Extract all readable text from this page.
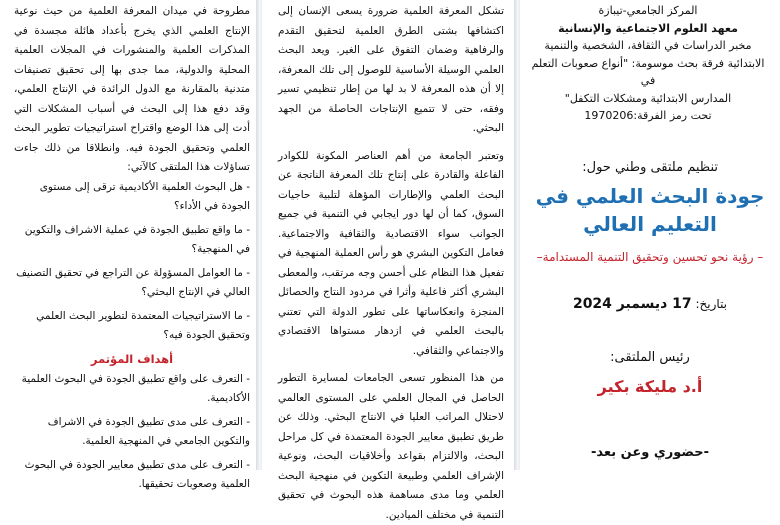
مطروحة في ميدان المعرفة العلمية من حيث نوعية الإنتاج العلمي الذي يخرج بأعداد هائلة مجسدة في المذكرات العلمية والمنشورات في المجلات العلمية المحلية والدولية، مما جدى بها إلى تحقيق تصنيفات متدنية بالمقارنة مع الدول الرائدة في الإنتاج العلمي، وقد دفع هذا إلى البحث في أسباب المشكلات التي أدت إلى هذا الوضع واقتراح استراتيجيات تطوير البحث العلمي وتحقيق الجودة فيه. وانطلاقا من ذلك جاءت تساؤلات هذا الملتقى كالآتي:

- هل البحوث العلمية الأكاديمية ترقى إلى مستوى الجودة في الأداء؟

- ما واقع تطبيق الجودة في عملية الاشراف والتكوين في المنهجية؟

- ما العوامل المسؤولة عن التراجع في تحقيق التصنيف العالي في الإنتاج البحثي؟

- ما الاستراتيجيات المعتمدة لتطوير البحث العلمي وتحقيق الجودة فيه؟

أهداف المؤتمر

- التعرف على واقع تطبيق الجودة في البحوث العلمية الأكاديمية.

- التعرف على مدى تطبيق الجودة في الاشراف والتكوين الجامعي في المنهجية العلمية.

- التعرف على مدى تطبيق معايير الجودة في البحوث العلمية وصعوبات تحقيقها.

تشكل المعرفة العلمية ضرورة يسعى الإنسان إلى اكتشافها بشتى الطرق العلمية لتحقيق التقدم والرفاهية وضمان التفوق على الغير. ويعد البحث العلمي الوسيلة الأساسية للوصول إلى تلك المعرفة، إلا أن هذه المعرفة لا بد لها من إطار تنظيمي تسير وفقه، حتى لا تتميع الإنتاجات الحاصلة من الجهد البحثي.

وتعتبر الجامعة من أهم العناصر المكونة للكوادر الفاعلة والقادرة على إنتاج تلك المعرفة الناتجة عن البحث العلمي والإطارات المؤهلة لتلبية حاجيات السوق، كما أن لها دور ايجابي في التنمية في جميع الجوانب سواء الاقتصادية والثقافية والاجتماعية. فعامل التكوين البشري هو رأس العملية المنهجية في تفعيل هذا النظام على أحسن وجه مرتقب، والمعطى البشري أكثر فاعلية وأثرا في مردود النتاج والحصائل المنجزة وانعكاساتها على تطور الدولة التي تعتني بالبحث العلمي في ازدهار مستواها الاقتصادي والاجتماعي والثقافي.

من هذا المنظور تسعى الجامعات لمسايرة التطور الحاصل في المجال العلمي على المستوى العالمي لاحتلال المراتب العليا في الانتاج البحثي. وذلك عن طريق تطبيق معايير الجودة المعتمدة في كل مراحل البحث، والالتزام بقواعد وأخلاقيات البحث، ونوعية الإشراف العلمي وطبيعة التكوين في منهجية البحث العلمي وما مدى مساهمة هذه البحوث في تحقيق التنمية في مختلف الميادين.

المركز الجامعي-تيبازة
معهد العلوم الاجتماعية والإنسانية
مخبر الدراسات في الثقافة، الشخصية والتنمية
الابتدائية فرقة بحث موسومة: "أنواع صعوبات التعلم في
المدارس الابتدائية ومشكلات التكفل"
تحت رمز الفرقة:1970206
تنظيم ملتقى وطني حول:
جودة البحث العلمي في التعليم العالي
– رؤية نحو تحسين وتحقيق التنمية المستدامة–
بتاريخ: 17 ديسمبر 2024
رئيس الملتقى:
أ.د مليكة بكير
-حضوري وعن بعد-
